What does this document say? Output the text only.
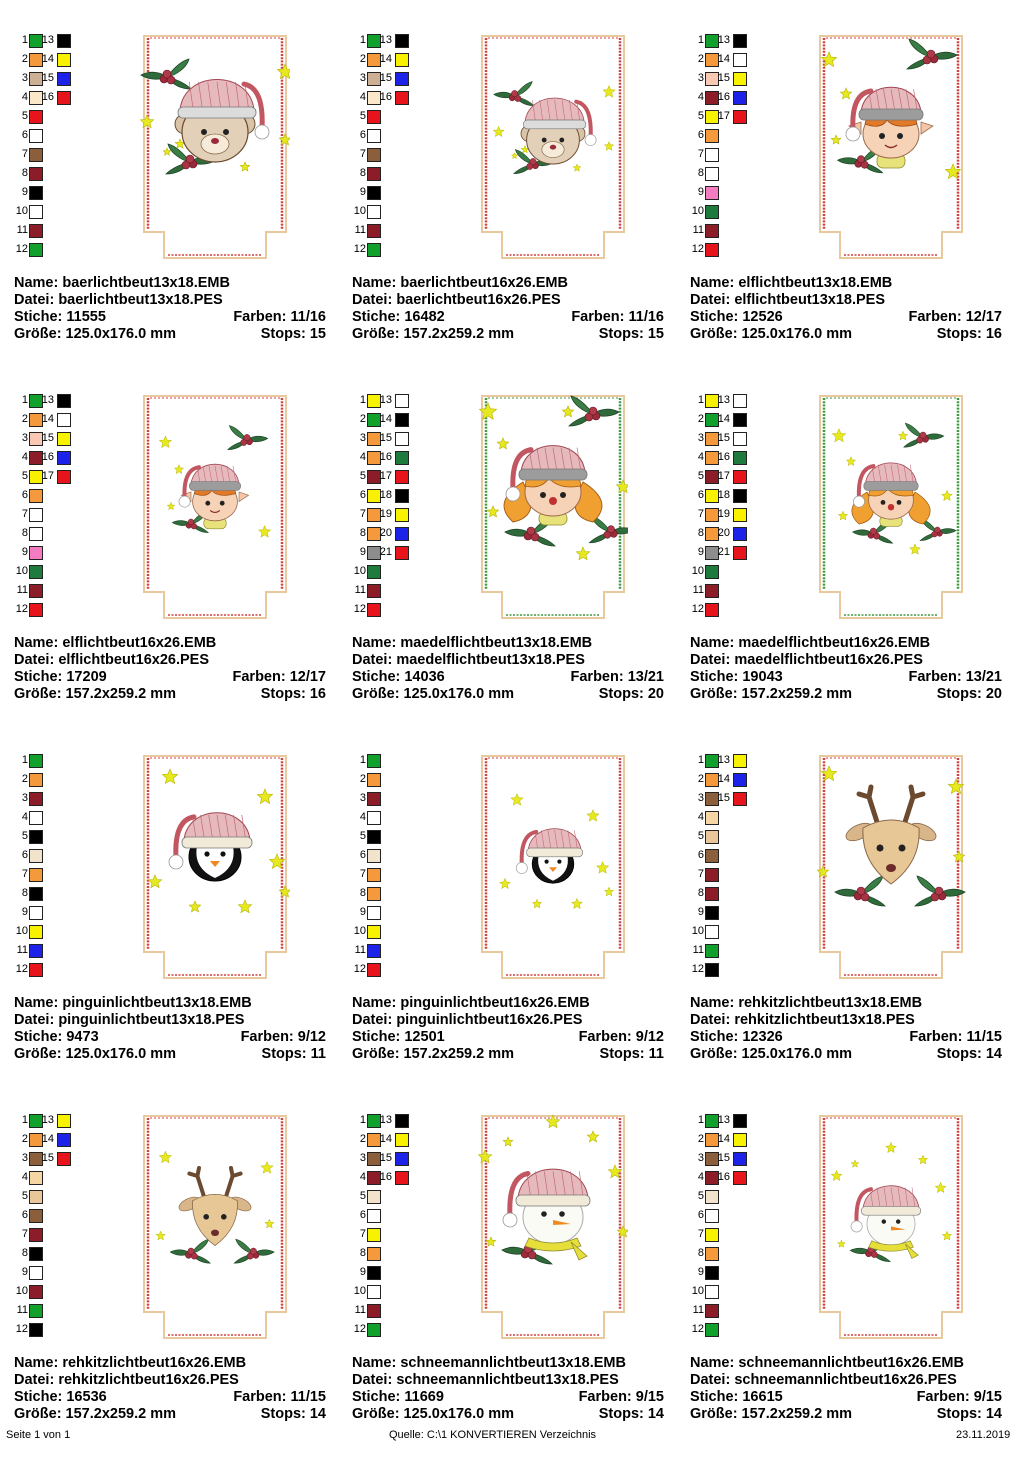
1
2
3
4
5
6
7
8
9
10
11
12
13
14
15
16
Name: baerlichtbeut13x18.EMB
Datei: baerlichtbeut13x18.PES
Stiche: 11555	Farben: 11/16
Größe: 125.0x176.0 mm	Stops: 15
1
2
3
4
5
6
7
8
9
10
11
12
13
14
15
16
Name: baerlichtbeut16x26.EMB
Datei: baerlichtbeut16x26.PES
Stiche: 16482	Farben: 11/16
Größe: 157.2x259.2 mm	Stops: 15
1
2
3
4
5
6
7
8
9
10
11
12
13
14
15
16
17
Name: elflichtbeut13x18.EMB
Datei: elflichtbeut13x18.PES
Stiche: 12526	Farben: 12/17
Größe: 125.0x176.0 mm	Stops: 16
1
2
3
4
5
6
7
8
9
10
11
12
13
14
15
16
17
Name: elflichtbeut16x26.EMB
Datei: elflichtbeut16x26.PES
Stiche: 17209	Farben: 12/17
Größe: 157.2x259.2 mm	Stops: 16
1
2
3
4
5
6
7
8
9
10
11
12
13
14
15
16
17
18
19
20
21
Name: maedelflichtbeut13x18.EMB
Datei: maedelflichtbeut13x18.PES
Stiche: 14036	Farben: 13/21
Größe: 125.0x176.0 mm	Stops: 20
1
2
3
4
5
6
7
8
9
10
11
12
13
14
15
16
17
18
19
20
21
Name: maedelflichtbeut16x26.EMB
Datei: maedelflichtbeut16x26.PES
Stiche: 19043	Farben: 13/21
Größe: 157.2x259.2 mm	Stops: 20
1
2
3
4
5
6
7
8
9
10
11
12
Name: pinguinlichtbeut13x18.EMB
Datei: pinguinlichtbeut13x18.PES
Stiche: 9473	Farben: 9/12
Größe: 125.0x176.0 mm	Stops: 11
1
2
3
4
5
6
7
8
9
10
11
12
Name: pinguinlichtbeut16x26.EMB
Datei: pinguinlichtbeut16x26.PES
Stiche: 12501	Farben: 9/12
Größe: 157.2x259.2 mm	Stops: 11
1
2
3
4
5
6
7
8
9
10
11
12
13
14
15
Name: rehkitzlichtbeut13x18.EMB
Datei: rehkitzlichtbeut13x18.PES
Stiche: 12326	Farben: 11/15
Größe: 125.0x176.0 mm	Stops: 14
1
2
3
4
5
6
7
8
9
10
11
12
13
14
15
Name: rehkitzlichtbeut16x26.EMB
Datei: rehkitzlichtbeut16x26.PES
Stiche: 16536	Farben: 11/15
Größe: 157.2x259.2 mm	Stops: 14
1
2
3
4
5
6
7
8
9
10
11
12
13
14
15
16
Name: schneemannlichtbeut13x18.EMB
Datei: schneemannlichtbeut13x18.PES
Stiche: 11669	Farben: 9/15
Größe: 125.0x176.0 mm	Stops: 14
1
2
3
4
5
6
7
8
9
10
11
12
13
14
15
16
Name: schneemannlichtbeut16x26.EMB
Datei: schneemannlichtbeut16x26.PES
Stiche: 16615	Farben: 9/15
Größe: 157.2x259.2 mm	Stops: 14
Seite 1 von 1	Quelle: C:\1 KONVERTIEREN Verzeichnis	23.11.2019
